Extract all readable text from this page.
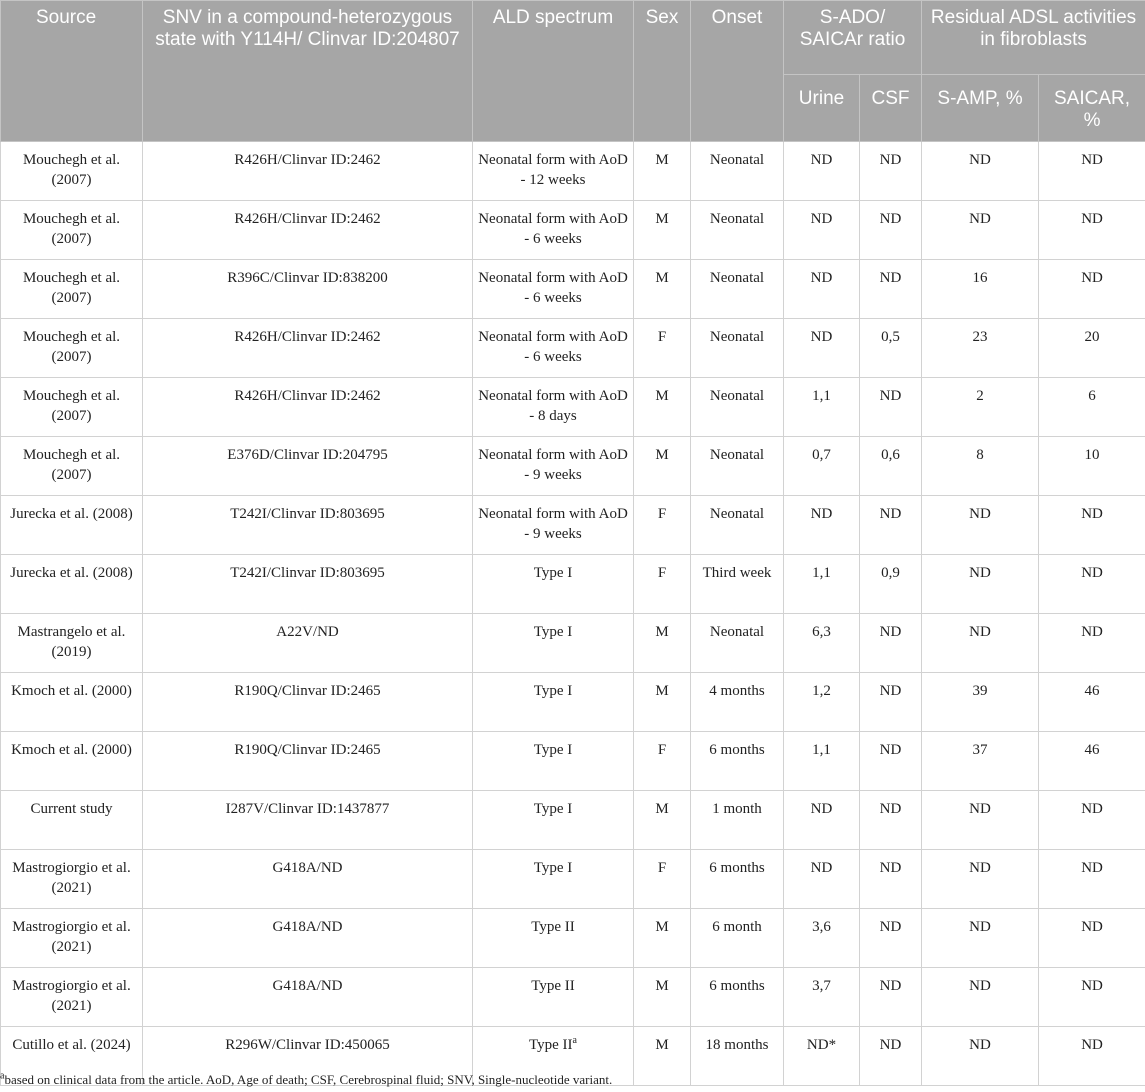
Source	SNV in a compound-heterozygous state with Y114H/ Clinvar ID:204807	ALD spectrum	Sex	Onset	S-ADO/ SAICAr ratio		Residual ADSL activities in fibroblasts	
					Urine	CSF	S-AMP, %	SAICAR, %
Mouchegh et al. (2007)	R426H/Clinvar ID:2462	Neonatal form with AoD - 12 weeks	M	Neonatal	ND	ND	ND	ND
Mouchegh et al. (2007)	R426H/Clinvar ID:2462	Neonatal form with AoD - 6 weeks	M	Neonatal	ND	ND	ND	ND
Mouchegh et al. (2007)	R396C/Clinvar ID:838200	Neonatal form with AoD - 6 weeks	M	Neonatal	ND	ND	16	ND
Mouchegh et al. (2007)	R426H/Clinvar ID:2462	Neonatal form with AoD - 6 weeks	F	Neonatal	ND	0,5	23	20
Mouchegh et al. (2007)	R426H/Clinvar ID:2462	Neonatal form with AoD - 8 days	M	Neonatal	1,1	ND	2	6
Mouchegh et al. (2007)	E376D/Clinvar ID:204795	Neonatal form with AoD - 9 weeks	M	Neonatal	0,7	0,6	8	10
Jurecka et al. (2008)	T242I/Clinvar ID:803695	Neonatal form with AoD - 9 weeks	F	Neonatal	ND	ND	ND	ND
Jurecka et al. (2008)	T242I/Clinvar ID:803695	Type I	F	Third week	1,1	0,9	ND	ND
Mastrangelo et al. (2019)	A22V/ND	Type I	M	Neonatal	6,3	ND	ND	ND
Kmoch et al. (2000)	R190Q/Clinvar ID:2465	Type I	M	4 months	1,2	ND	39	46
Kmoch et al. (2000)	R190Q/Clinvar ID:2465	Type I	F	6 months	1,1	ND	37	46
Current study	I287V/Clinvar ID:1437877	Type I	M	1 month	ND	ND	ND	ND
Mastrogiorgio et al. (2021)	G418A/ND	Type I	F	6 months	ND	ND	ND	ND
Mastrogiorgio et al. (2021)	G418A/ND	Type II	M	6 month	3,6	ND	ND	ND
Mastrogiorgio et al. (2021)	G418A/ND	Type II	M	6 months	3,7	ND	ND	ND
Cutillo et al. (2024)	R296W/Clinvar ID:450065	Type $II^a$	M	18 months	ND*	ND	ND	ND
$^a$based on clinical data from the article. AoD, Age of death; CSF, Cerebrospinal fluid; SNV, Single-nucleotide variant.
